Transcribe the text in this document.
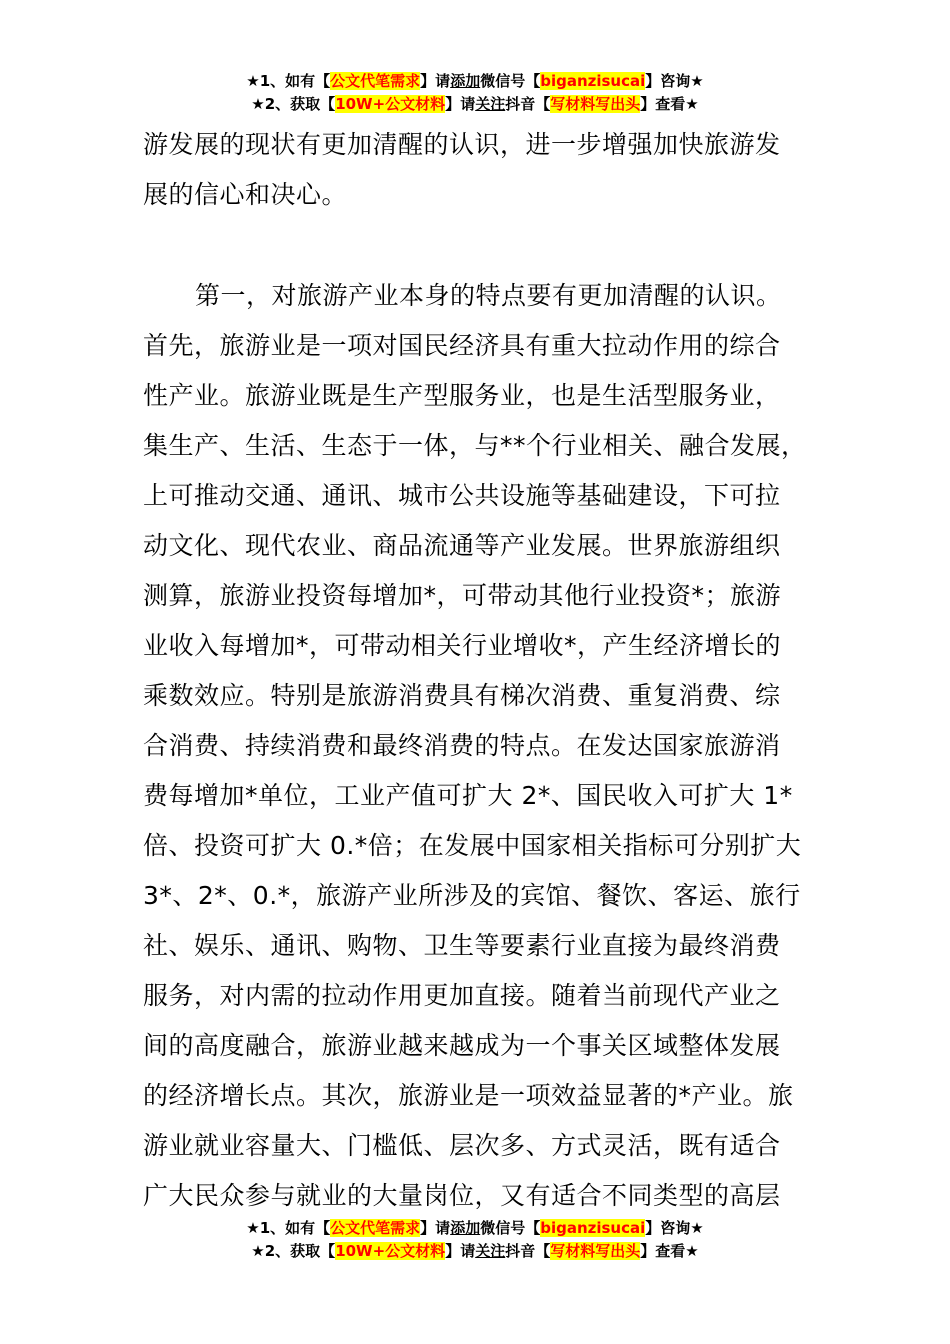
★1、如有【公文代笔需求】请添加微信号【biganzisucai】咨询★
★2、获取【10W+公文材料】请关注抖音【写材料写出头】查看★
游发展的现状有更加清醒的认识，进一步增强加快旅游发
展的信心和决心。
第一，对旅游产业本身的特点要有更加清醒的认识。
首先，旅游业是一项对国民经济具有重大拉动作用的综合
性产业。旅游业既是生产型服务业，也是生活型服务业，
集生产、生活、生态于一体，与**个行业相关、融合发展，
上可推动交通、通讯、城市公共设施等基础建设，下可拉
动文化、现代农业、商品流通等产业发展。世界旅游组织
测算，旅游业投资每增加*，可带动其他行业投资*；旅游
业收入每增加*，可带动相关行业增收*，产生经济增长的
乘数效应。特别是旅游消费具有梯次消费、重复消费、综
合消费、持续消费和最终消费的特点。在发达国家旅游消
费每增加*单位，工业产值可扩大 2*、国民收入可扩大 1*
倍、投资可扩大 0.*倍；在发展中国家相关指标可分别扩大
3*、2*、0.*，旅游产业所涉及的宾馆、餐饮、客运、旅行
社、娱乐、通讯、购物、卫生等要素行业直接为最终消费
服务，对内需的拉动作用更加直接。随着当前现代产业之
间的高度融合，旅游业越来越成为一个事关区域整体发展
的经济增长点。其次，旅游业是一项效益显著的*产业。旅
游业就业容量大、门槛低、层次多、方式灵活，既有适合
广大民众参与就业的大量岗位，又有适合不同类型的高层
★1、如有【公文代笔需求】请添加微信号【biganzisucai】咨询★
★2、获取【10W+公文材料】请关注抖音【写材料写出头】查看★
